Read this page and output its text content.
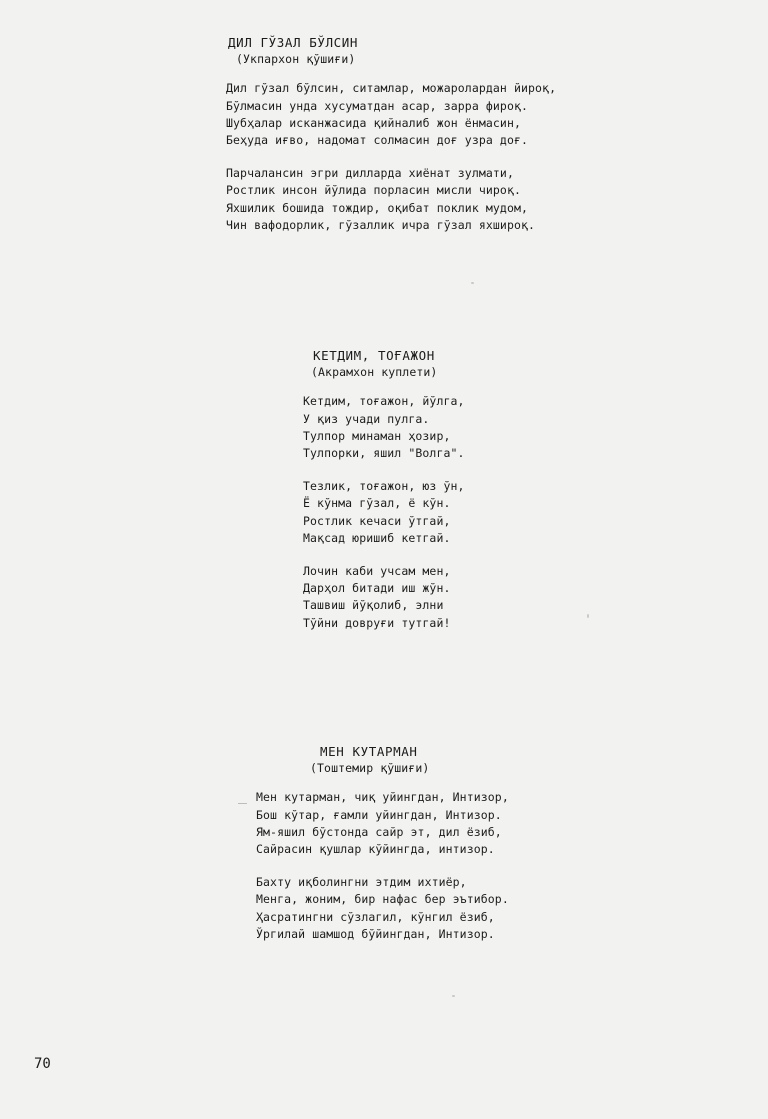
ДИЛ ГЎЗАЛ БЎЛСИН
(Укпархон қўшиғи)
Дил гўзал бўлсин, ситамлар, можаролардан йироқ,
Бўлмасин унда хусуматдан асар, зарра фироқ.
Шубҳалар исканжасида қийналиб жон ёнмасин,
Беҳуда иғво, надомат солмасин доғ узра доғ.
Парчалансин эгри дилларда хиёнат зулмати,
Ростлик инсон йўлида порласин мисли чироқ.
Яхшилик бошида тождир, оқибат поклик мудом,
Чин вафодорлик, гўзаллик ичра гўзал яхшироқ.
КЕТДИМ, ТОҒАЖОН
(Акрамхон куплети)
Кетдим, тоғажон, йўлга,
У қиз учади пулга.
Тулпор минаман ҳозир,
Тулпорки, яшил "Волга".
Тезлик, тоғажон, юз ўн,
Ё кўнма гўзал, ё кўн.
Ростлик кечаси ўтгай,
Мақсад юришиб кетгай.
Лочин каби учсам мен,
Дарҳол битади иш жўн.
Ташвиш йўқолиб, элни
Тўйни довруғи тутгай!
МЕН КУТАРМАН
(Тоштемир қўшиғи)
Мен кутарман, чиқ уйингдан, Интизор,
Бош кўтар, ғамли уйингдан, Интизор.
Ям-яшил бўстонда сайр эт, дил ёзиб,
Сайрасин қушлар кўйингда, интизор.
Бахту иқболингни этдим ихтиёр,
Менга, жоним, бир нафас бер эътибор.
Ҳасратингни сўзлагил, кўнгил ёзиб,
Ўргилай шамшод бўйингдан, Интизор.
70
